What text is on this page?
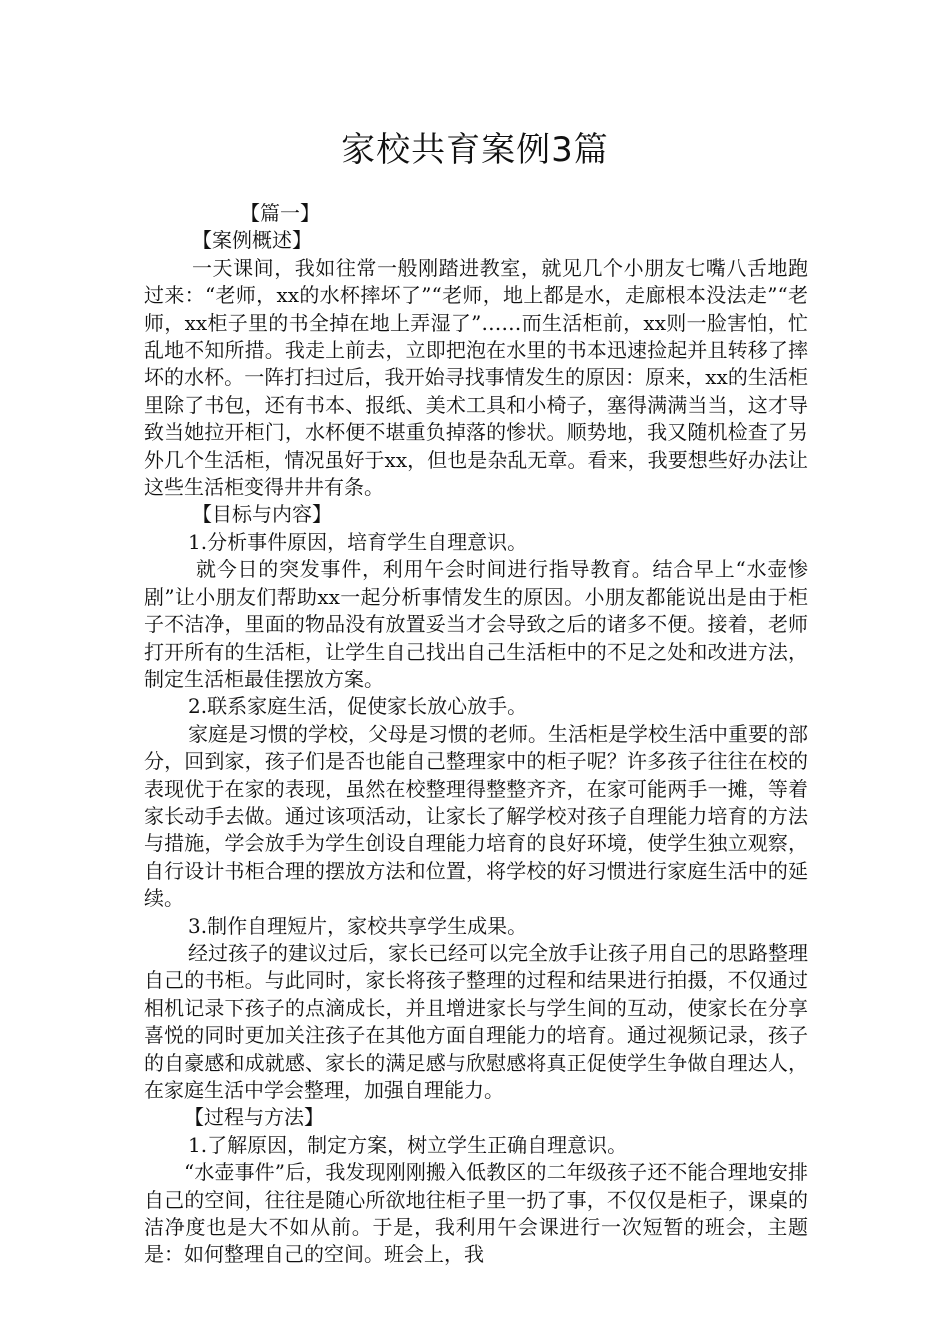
家校共育案例3篇

【篇一】

【案例概述】

一天课间，我如往常一般刚踏进教室，就见几个小朋友七嘴八舌地跑过来：“老师，xx的水杯摔坏了”“老师，地上都是水，走廊根本没法走”“老师，xx柜子里的书全掉在地上弄湿了”……而生活柜前，xx则一脸害怕，忙乱地不知所措。我走上前去，立即把泡在水里的书本迅速捡起并且转移了摔坏的水杯。一阵打扫过后，我开始寻找事情发生的原因：原来，xx的生活柜里除了书包，还有书本、报纸、美术工具和小椅子，塞得满满当当，这才导致当她拉开柜门，水杯便不堪重负掉落的惨状。顺势地，我又随机检查了另外几个生活柜，情况虽好于xx，但也是杂乱无章。看来，我要想些好办法让这些生活柜变得井井有条。

【目标与内容】

1.分析事件原因，培育学生自理意识。

就今日的突发事件，利用午会时间进行指导教育。结合早上“水壶惨剧”让小朋友们帮助xx一起分析事情发生的原因。小朋友都能说出是由于柜子不洁净，里面的物品没有放置妥当才会导致之后的诸多不便。接着，老师打开所有的生活柜，让学生自己找出自己生活柜中的不足之处和改进方法，制定生活柜最佳摆放方案。

2.联系家庭生活，促使家长放心放手。

家庭是习惯的学校，父母是习惯的老师。生活柜是学校生活中重要的部分，回到家，孩子们是否也能自己整理家中的柜子呢？许多孩子往往在校的表现优于在家的表现，虽然在校整理得整整齐齐，在家可能两手一摊，等着家长动手去做。通过该项活动，让家长了解学校对孩子自理能力培育的方法与措施，学会放手为学生创设自理能力培育的良好环境，使学生独立观察，自行设计书柜合理的摆放方法和位置，将学校的好习惯进行家庭生活中的延续。

3.制作自理短片，家校共享学生成果。

经过孩子的建议过后，家长已经可以完全放手让孩子用自己的思路整理自己的书柜。与此同时，家长将孩子整理的过程和结果进行拍摄，不仅通过相机记录下孩子的点滴成长，并且增进家长与学生间的互动，使家长在分享喜悦的同时更加关注孩子在其他方面自理能力的培育。通过视频记录，孩子的自豪感和成就感、家长的满足感与欣慰感将真正促使学生争做自理达人，在家庭生活中学会整理，加强自理能力。

【过程与方法】

1.了解原因，制定方案，树立学生正确自理意识。

“水壶事件”后，我发现刚刚搬入低教区的二年级孩子还不能合理地安排自己的空间，往往是随心所欲地往柜子里一扔了事，不仅仅是柜子，课桌的洁净度也是大不如从前。于是，我利用午会课进行一次短暂的班会，主题是：如何整理自己的空间。班会上，我
